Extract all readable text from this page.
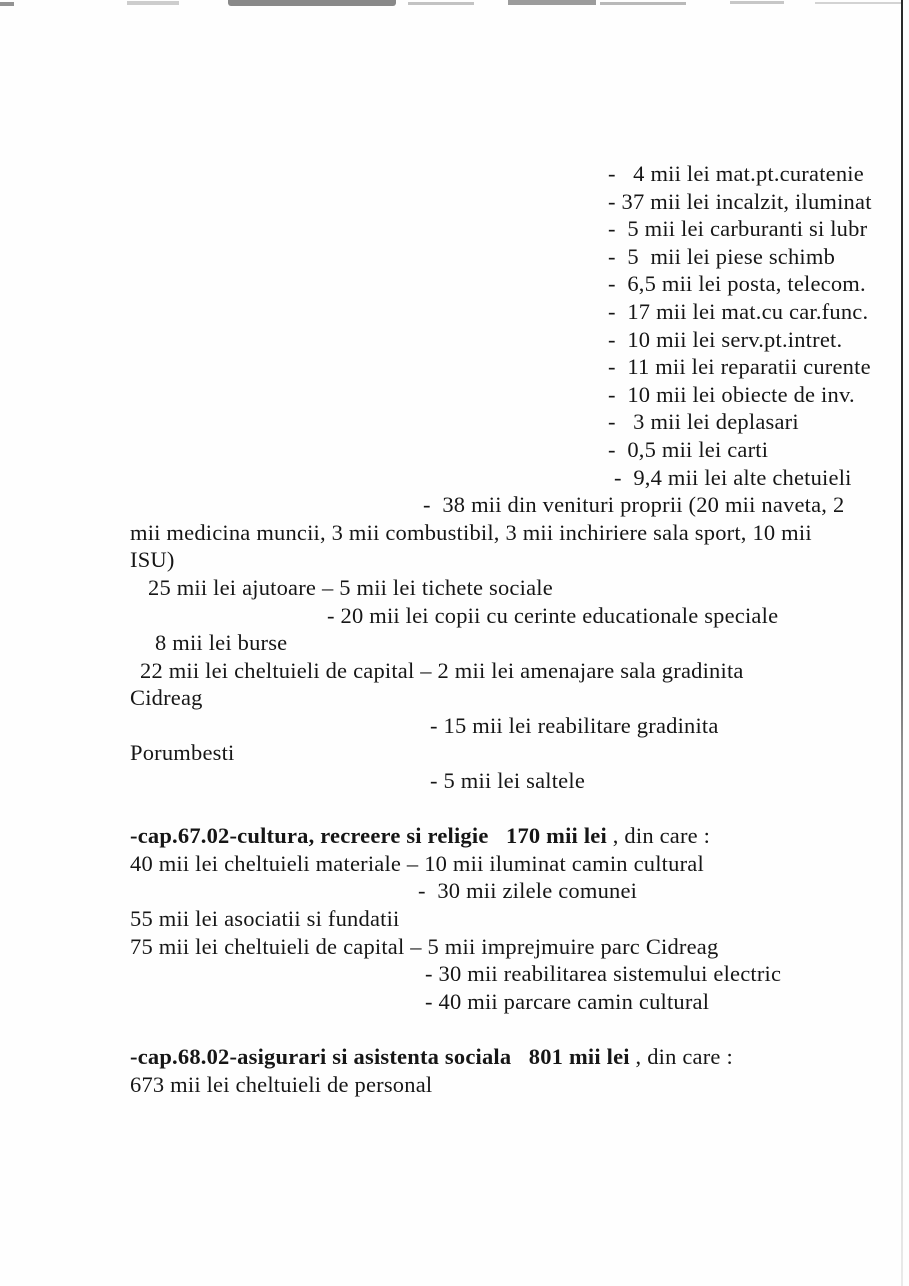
-   4 mii lei mat.pt.curatenie
- 37 mii lei incalzit, iluminat
-  5 mii lei carburanti si lubr
-  5  mii lei piese schimb
-  6,5 mii lei posta, telecom.
-  17 mii lei mat.cu car.func.
-  10 mii lei serv.pt.intret.
-  11 mii lei reparatii curente
-  10 mii lei obiecte de inv.
-   3 mii lei deplasari
-  0,5 mii lei carti
-  9,4 mii lei alte chetuieli
-  38 mii din venituri proprii (20 mii naveta, 2
mii medicina muncii, 3 mii combustibil, 3 mii inchiriere sala sport, 10 mii
ISU)
25 mii lei ajutoare – 5 mii lei tichete sociale
- 20 mii lei copii cu cerinte educationale speciale
8 mii lei burse
22 mii lei cheltuieli de capital – 2 mii lei amenajare sala gradinita
Cidreag
- 15 mii lei reabilitare gradinita
Porumbesti
- 5 mii lei saltele
-cap.67.02-cultura, recreere si religie   170 mii lei , din care :
40 mii lei cheltuieli materiale – 10 mii iluminat camin cultural
-  30 mii zilele comunei
55 mii lei asociatii si fundatii
75 mii lei cheltuieli de capital – 5 mii imprejmuire parc Cidreag
- 30 mii reabilitarea sistemului electric
- 40 mii parcare camin cultural
-cap.68.02-asigurari si asistenta sociala   801 mii lei , din care :
673 mii lei cheltuieli de personal
